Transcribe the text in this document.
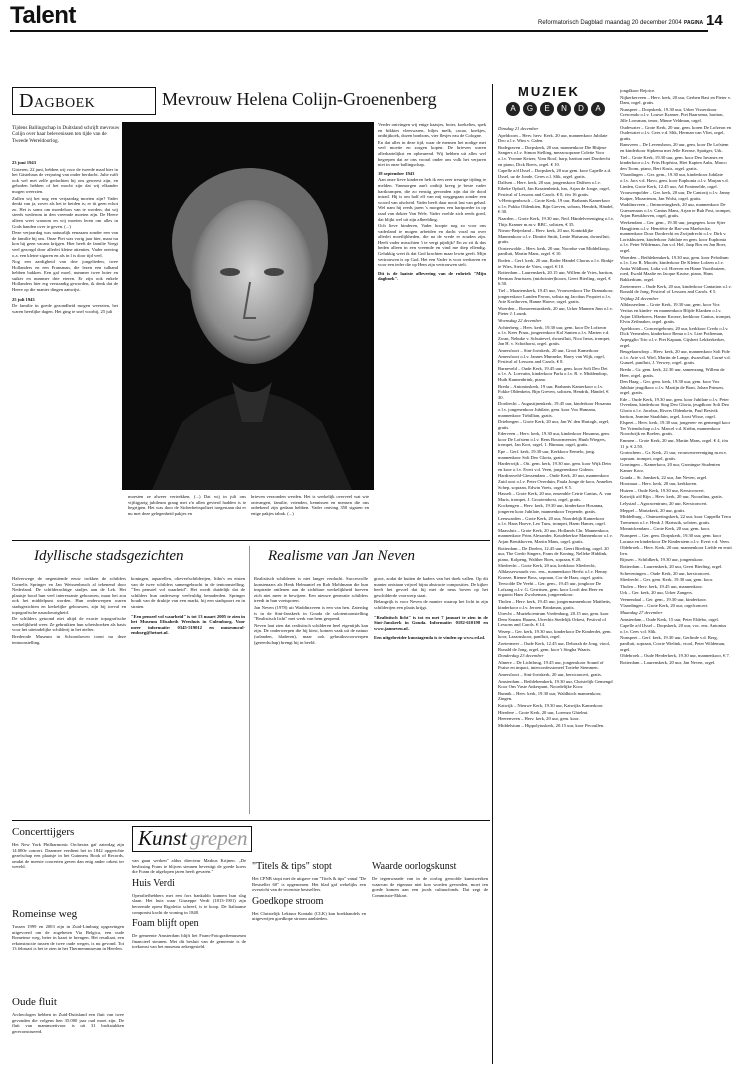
Talent	Reformatorisch Dagblad maandag 20 december 2004 PAGINA 14
Dagboek	Mevrouw Helena Colijn-Groenenberg

Tijdens Ballingschap in Duitsland schrijft mevrouw Colijn over haar belevenissen ten tijde van de Tweede Wereldoorlog.

23 juni 1943

Gisteren, 22 juni, hebben wij voor de tweede maal hier in het Gästehaus de verjaring van onder herdacht. Julie rufft ook wel met zelfe gedachten bij ons geweest zijn, en geboden hebben of het mocht zijn dat wij elkander mogen weerzien.

Zullen wij het nog een verjaardag moeten zijn? Vader denkt van ja, zover als het te beiden is; er tit geen echot zo. Het is soms om moedeloos van te worden, dat wij steeds wederom in den vreemde moeten zijn. De Heere alleen weet waarom en wij moeten leren om alles in Gods handen over te geven. (...)

Deze verjaardag was natuurlijk eenzaam zonder een van de familie bij ons. Onze Piet was vorig jaar hier, maar nu kon hij geen vacans krijgen. Hier heeft de familie Voegt veel gezorgd door allerlei kleine attenties. Vader ontving o.a. een kleine sigaren en als in l is door tijd veel.

Nog een aardigheid van drie jongelieden, twee Hollanders en een Fransman, die lezen een tulband hebben bakken. Een gaf moel, nummer twee boter en suiker en nummer drie eieren. Er zijn ook enkele Hollanders hier erg verstandig geworden, ik denk dat de Heere op die manier dingen aanwijst.

25 juli 1943

De familie in goede gezondheid mogen weerzien, het waren heerlijke dagen. Het ging te snel voorbij, 25 juli

moesten ze alweer vertrekken. (...) Dat wij in juli ons vijftigjarig jubileum graag met z'n allen gevierd hadden is te begrijpen. Het was door de Sicherheitspolizei toegestaan dat er nu met deze gelegenheid pakjes en

brieven verzonden werden. Het is werkelijk overveel wat wie ontvangen, familie, vrienden, kennissen en mensen die ons onbekend zijn gedaan hebben. Vader ontving 350 sigaren en enige pakjes tabak. (...)

Verder ontvingen wij enige kaasjes, boter, koekeltes, spek en bikkies vleeswaren, biljes melk, cacao, koekjes, ontbijtkoek, dozen bonbons, vier flesjes eau de Cologne.

En dat alles in deze tijd, waar de mensen het nodige met veel moeite en zorgen kopen. De brieven waren allerhartelijkst en opbeurend. Wij hebben uit alles wel begrepen dat ze ons vooral onder ons volk het verjaren niet in onze ballingschap.

18 september 1943

Aan onze lieve kinderen heb ik een zeer treurige tijding te melden. Vanmorgen aan't ontbijt kreeg je beste vader hartkrampen, die zo ernstig gevonden zijn dat de dood intrad. Hij is om half elf van mij weggegaan zonder een woord van afscheid. Vader heeft daar nooit last van gehad. Wel nam hij reeds jaren 's morgens een hartpoeder in op raad van dokter Van Welv. Vader voelde zich reeds goed, dat blijkt wel uit zijn afbeelding.

Och lieve kinderen, Vader hoopte nog zo voor ons vaderland te mogen arbeiden en dacht voral nu over allerlei moeilijkheden, die na de vrede er zouden zijn. Heelt vader misschien 't te vergt pijnlijk? En zo zit ik dus beden alleen in een vreemde en vind me diep ellendig. Gelukkig weet ik dat God krachten maar lewin geeft. Mijn vertrouwen is op God. Het een Vader is voor weduwen en voor een ieder die op Hem zijn vertrouwen stelt.

Dit is de laatste aflevering van de rubriek "Mijn dagboek".

Idyllische stadsgezichten

Halverwege de negentiende eeuw trokken de schilders Cornelis Springer en Jan Weissenbruch al tekenend door Nederland. De schilderachtige stadjes aan de Lek. Het plaatsje bood hun veel interessante gebouwen, maar het zou ook het middelpunt worden. Hun onderwerpen waren stadsgezichten en kerkelijke gebouwen, zijn bij toeval en topografische nauwkeurigheid.

De schilders getoond niet altijd de exacte topografische werkelijkheid weer. Ze gebruikten hun schetsboeken als basis voor het uiteindelijke schilderij in het atelier.

Brederode Museum in Schoonhoven toont nu deze tentoonstelling.

koningen, aquarellen, olieverfschilderijen, litho's en etsten van de twee schilders samengebracht in de tentoonstelling. "Ten pensoel vol waarheid". Het wordt duidelijk dat de schilders hun onderwerp veelvuldig benaderden. Springer houdt van de druktje van een markt, hij een stadspoort en in straten.

"Een penseel vol waarheid" is tot 13 maart 2005 te zien in het Museum Elisabeth Weeshuis in Culemborg. Voor meer informatie: 0345-519012 en museumcul-emborg@hetnet.nl.

Realisme van Jan Neven

Realistisch schilderen is niet langer verdacht. Succesvolle kunstenaars als Henk Helmantel en Rob Mohlmann die hun inspiratie ontlenen aan de zichtbare werkelijkheid hoeven zich niet meer te bewijzen. Een nieuwe generatie schilders treedt in hun voetsporen.

Jan Neven (1978) uit Waddinxveen is een van hen. Zaterdag is in de Sint-Janskerk in Gouda de solotentoonstelling "Realistisch licht" met werk van hem geopend.

Neven laat zien dat realistisch schilderen heel eigentijds kan zijn. De onderwerpen die hij kiest, komen vaak uit de natuur (urlanden, bladeren), maar ook gebruiksvoorwerpen (gereedschap) brengt hij in beeld.

groot, zodat de buiten de kaders van het doek vallen. Op dit manier ontstaan vrijwel bijna abstracte composities. De kijker heeft het gevoel dat hij met de neus boven op het geschilderde voorwerp staat.

Belangrijk is voor Neven de manier waarop het licht in zijn schilderijen een plaats krijgt.

"Realistisch licht" is tot en met 7 januari te zien in de Sint-Janskerk in Gouda. Informatie: 0182-610198 en www.janneven.nl.

Een uitgebreider kunstagenda is te vinden op www.rd.nl.

Concerttijgers

Het New York Philharmonic Orchestra gaf zaterdag zijn 14.000e concert. Daarmee verdient het in 1842 opgerichte gezelschap een plaatsje in het Guinness Book of Records, omdat de meeste concerten geven dan enig ander orkest ter wereld.

Romeinse weg

Tussen 1999 en 2003 zijn in Zuid-Limburg opgravingen uitgevoerd om de zogeheten Via Belgica, een oude Romeinse weg, beter in kaart te brengen. Het resultaat, een rekonstructie tussen de twee oude wegen, is nu gevond. Tot 13 februari is het te zien in het Thermenmuseum in Heerlen.

Oude fluit

Archeologen hebben in Zuid-Duitsland een fluit van twee gevonden die volgens hen 35.000 jaar oud moet zijn. De fluit van mammoetivoor is uit 31 brokstukken gereconstrueerd.

Kunst grepen

van gaan werken" aldus directeur Markus Krijnen. „De beslissing Frans te blijven steunen bevestigt de goede koers die Foam de afgelopen jaren heeft gevaren."

Huis Verdi

Operaliefhebbers met een fors bankaldo kunnen hun slag slaan. Het huis waar Giuseppe Verdi (1813-1901) zijn beroemde opera Rigoletto schreef, is te koop. De Italiaanse componist kocht de woning in 1848.

Foam blijft open

De gemeente Amsterdam blijft het Foam-Fotografiemuseum financieel steunen. Met dit besluit van de gemeente is de toekomst van het museum zekergesteld.

"Titels & tips" stopt

Het CPNB stopt met de uitgave van "Titels & tips" vanaf "De Bestseller 60" is opgenomen. Het blad gaf wekelijks een overzicht van de recentste bestsellers.

Goedkope stroom

Het Christelijk Lektuur Kontakt (CLK) kan boekhandels en uitgeverijen goedkope stroom aanbieden.

Waarde oorlogskunst

De tegenwaarde van in de oorlog geroofde kunstwerken waarvan de eigenaar niet kon worden gevonden, moet ten goede komen aan een joods cultuurfonds. Dat zegt de Commissie-Ekkart.

MUZIEK
A	G	E	N	D	A

Dinsdag 21 december

Apeldoorn – Herv. herv. Kerk. 20 uur, mannenkoor Jubilate Deo o.l.v. Wim v. Galen.

Bodegraven – Dorpskerk, 20 uur, mannenkoor Die Rhijnse Sangers o.l.v. Simon Stelling, mezzosoprane Colette Voor o.l.v. Yvonne Keizer, Vom Roof, harp, bariton met Dordrecht en piano, Dick Boers, orgel. € 10.

Capelle a/d IJssel – Dorpskerk, 20 uur gem. koor Capelle a.d. IJssel, uz de Jonde, Ceres o.l. Slik, orgel. gratis.

Dalfsen – Herv. kerk, 20 uur, jongenskoor Dalfsen o.l.v. Eibeke Ophoff, Jan Kraaienbrink, bas, Arjan de Jonge, orgel, Festival of Lessons and Carols. € 8, t/m 16 gratis.

's-Hertogenbosch – Grote Kerk, 19 uur, Brabants Kamerkoor o.l.v. Pokko Oldenkien, Bijn Greven, sobran, Hendrik, Händel, € 30.

Naarden – Grote Kerk, 19.30 uur, Ned. Händelvereniging o.l.v. Thijs Kramer m.m.v. BBC, solisten, € 35.

Nieuw-Beijerland – Herv. kerk, 20 uur, Koninklijke Mannenkoor o.l.v. Dimitri Smitt, Lenie Huisman, dwarsfluit, gratis.

Oosterwolde – Herv. kerk, 20 uur, Noordse van Middelkoop, panfluit, Martin Mans, orgel. € 10.

Roden – Gerf. kerk, 20 uur, Roder Händel Chorus o.l.v. Rinkje te Wies, Sietse de Vries, orgel. € 10.

Rotterdam – Laurenskerk, 20.15 uur, Willem de Vries, bariton, Herman Jeurissen, (midwinter)hoorn, Geert Bierling, orgel, € 6.50.

Tiel – Maartenskerk, 19.45 uur, Vrouwenkoor The Dramakoor, jongereskoor Landen Pavon, solista ng Jacobus Propriet o.l.v. Arie Korthoven, Hanne Haove, orgel. gratis.

Woerden – Bonaventurakerk, 20 uur, Urker Mannen Jinn o.l.v. Pieter J. Lounk.

Woensdag 22 december

Achterberg – Herv. kerk, 19.30 uur, gem. koor De Lofzeon o.l.v. Kees Praas, jongerenkoor Kol Santen o.l.v. Marten v.d. Zwan, Nebuke v. Schuttevel, dwarsfluit, Nico Irnus, trompet, Jan H. v. Schothorst, orgel. gratis.

Amersfoort – Sint-Joriskerk, 20 uur, Groot Kamerkoor Amersfoort o.l.v. Jannes Munneke, Harry van Wijk, orgel, Festival of Lessons and Carols. € 8.

Barneveld – Oude Kerk, 19.45 uur, gem. koor Soli Deo Dei o.l.v. A. Loevatin, kinderkoor Parla o.l.v. R. v. Middendorp, Huib Kunnenbrink, piano.

Breda – Antoniuskerk, 19 uur, Brabants Kamerkoor o.l.v. Fokke Oldenkein, Bijn Greven, solisten, Hendrik, Händel, € 30.

Dordrecht – Augustijnenkerk, 19.45 uur, kinderkoor Hosanna o.l.v. jongenenkoor Jubilate, gem. koor Vox Humana, mannenkoor Tirbillian, gratis.

Driebergen – Grote Kerk, 20 uur, Jan W. den Hartogh, orgel, gratis.

Ederveen – Herv. kerk, 19.30 uur, kinderkoor Hosanna, gem. koor De Lofstem o.l.v. Rens Bouwmeester, Huub Wiegers, trompet, Jan Kort, orgel, 1. Binnaar, orgel, gratis.

Epe – Gerf. kerk, 19.30 uur, Kerkkoor Eemelo, jong. mannenkoor Soli Deo Gloria, gratis.

Harderwijk – Ott. gem. kerk, 19.30 uur, gem. koor Wijk Dein en koor o.l.v. Evert v.d. Veen, jongerenkoor Gideon.

Hardinxveld-Giessendam – Oude Kerk, 20 uur, mannenkoor Zuid oost o.l.v. Peter Overduin, Paula Jonge de koor, Annelies Schep, sopraan, Edwin Voets, orgel. € 5.

Hasselt – Grote Kerk, 20 uur, ensemble Cetrie Cantus, A. van Maris, trompet, J. Grootendorst, orgel, gratis.

Kockengen – Herv. kerk, 19.30 uur, kinderkoor Hosanna, jongeren koor Jubilate, mannenkoor Terpende, gratis.

Leeuwarden – Grote Kerk, 20 uur, Noordelijk Kamerkoor o.l.v. Hans Hoeve, Leo Tuns, trompet, Harm Hamer, orgel.

Maassluis – Grote Kerk, 20 uur, Hollands Chr. Mannenkoor, mannenkoor Prins Alexander, Koudekerkse Mannenkoor o.l.v. Arjan Breukhoven, Martin Mans, orgel. gratis.

Rotterdam – De Doelen, 12.45 uur, Geert Bierling, orgel. 20 uur, The Credo Singers, Frans de Koning, Nelleke Hiddink, piano, Kolpeng, Walther Boes, sopraan, € 20.

Sliedrecht – Grote Kerk, 20 uur, kerkkoor Sliedrecht, Alblasserwaards voc. ens., mannenkoor Herfst o.l.v. Henny Kroeze, Rienne Boss, sopraan, Cor de Haas, orgel. gratis.

Terwolde De Veeht – Ger. gem., 19.45 uur, jongkoor De Lofzang o.l.v. G. Gerritsen, gem. koor Looft den Heer en organist Hans Zwolseman, jongerenkoor.

Tholen – Herv. kerk, 19.45 uur, jongermannenkoor Mattheüs, kinderkoor o.l.v. Jeroen Brinkman, gratis.

Utrecht – Muziekcentrum Vredenburg, 20.15 uur, gem. koor Dem Sonans Haarns, Utrechts Stedelijk Orkest, Festival of Lessons and Carols. € 14.

Wezep – Ger. kerk, 19.30 uur, kinderkoor De Kinderdet, gem. koor, Lazaruskoor, panfluit, orgel.

Zoetermeer – Oude Kerk, 12.45 uur, Deborah de Jong, viool, Ronald de Jong, orgel, gem. koor 't Singha Waarts.

Donderdag 23 december

Almere – De Lichtbrug, 19.45 uur, jongenskoor Sound of Praise en impact, interconfessioneel Tortehe Stemmen.

Amersfoort – Sint-Joriskerk, 20 uur, kerstconcert, gratis.

Amsterdam – Bethlehemkerk, 19.30 uur, Christelijk Gemengd Koor Ons Vaste Ankerpunt, Noordelijke Koor.

Bunnik – Herv. kerk, 19.30 uur, Waldkirch mannenkoor, Zingen.

Katwijk – Nieuwe Kerk, 19.30 uur, Katwijks Kamerkoor.

Hierdere – Grote Kerk, 20 uur, Lorenzo Ghielmi.

Heerenveen – Herv. kerk, 20 uur, gem. koor.

Middelstum – Hippolytuskerk, 20.15 uur, koor Pecoullen.

jongdkoor Rejoice.

Nijkerkerveen – Herv. kerk, 20 uur, Gerben Bast en Pieter v. Dam, orgel. gratis.

Nunspeet – Dorpskerk, 19.30 uur, Urker Visserskoor Crescendo o.l.v. Louwe Kramer, Piet Baarsema, bariton, Jille Loosman, tenor, Minne Veldman, orgel.

Oudewater – Grote Kerk, 20 uur, gem. koren De Lofzeon en Oudewater o.l.v. Cees v.d. Slik, Herman van Vliet, orgel, gratis.

Ransveen – De Levensbron, 20 uur, gem. koor De Lofstem en kinderkoor Sipkema met Jelle Kernse, Spatiger, Urk.

Tiel – Grote Kerk, 19.30 uur, gem. koor Deo Iuvanes en kinderkoor o.l.v. Frits Hopfstra, Hiet Kapten Aubs, Marco den Toom, piano, Bert Kruis, orgel. gratis.

Vlaardingen – Ger. gem., 19.30 uur, kinderkoor Jubilate o.l.v. Jacs v.d. Havo, gem. koor Euphonia o.l.v. Marjan v.d. Linden, Grote Kerk, 12.45 uur, Ad Fontenelde, orgel.

Vrouwenpolder – Ger. kerk, 20 uur, De Cantorij o.l.v. Janny Kuiper, Mozarteum, Jan Wolst, orgel. gratis.

Waddinxveen – Ontmoetingkerk, 20 uur, mannenkoor De Guessenaars o.l.v. Cantus Mans, Arjan te Buh Post, trompet, Arjan Breukhoven, orgel, gratis.

Werkendam – Ger. gem., 19.30 uur, jongegem. koor Sjier Hangjiiem o.l.v. Henriëtte de Bat-van Maelsecke, mannenkoor Door Dordrecht en Zwijndrecht o.l.v. Dirk v. Loriskhuizen, kinderkoor Jubilate en gem. koor Euphonia o.l.v. Peter Wildeman, Jan v.d. Hel, Jaap Bos en Jan Boer, orgel.

Woerden – Bethlehemkerk, 19.30 uur, gem. koor Pelodium o.l.v. Leo R. Mooiër, kinderkoor De Kleine Lofzen o.l.v. Anita Wildboer, Lidia v.d. Hoeven en Hiane Voorthuizen, roed, Ewald Maalie en Jacque Kruise, piano, Hans Bakkerkum, orgel.

Zoetermeer – Oude Kerk, 20 uur, kinderkoor Cantation o.l.v. Ronald de Jong, Festival of Lessons and Carols. € 5.

Vrijdag 24 december

Alblasserdam – Grote Kerk, 19.30 uur, gem. koor Vox Veritas en kinder- en mannenkoor Blijde Klanken o.l.v. Arjan Uilkeboers, Hanno Kroeze, kerkkoor Cantus, trompet, Elvin Zeilmaker, orgel. gratis.

Apeldoorn – Concertgebouw, 20 uur, kerkkoor Credo o.l.v. Dick Verneulen, kinderkoor Rema o.l.v. Lize Potlieman, Arpegglio Trio o.l.v. Piet Kapaan, Gijsbert Lekkerkerker, orgel.

Beugelaarsdorp – Herv. kerk, 20 uur, mannenkoor Soli Fide o.l.v. Arie v.d. Wiel, Martin de Lange, dwarsfluit, Corné v.d. Gunzel, panfluit, J. Verwey, orgel. gratis.

Breda – Gr. gem. kerk, 22.30 uur, samenzang, Willem de Heer, orgel. gratis.

Den Haag – Ger. gem. kerk, 19.30 uur, gem. koor Vox Jubilate jeugdkoor o.l.v. Martijn de Bont, Johan Prinsen, orgel. gratis.

Ede – Oude Kerk, 19.30 uur, gem. koor Jubilate o.l.v. Peter Overdam, kinderkoor Sing Deo Gloria, jeugdkoor Solt Deo Gloria o.l.v. Jacobus, Rivers Oldenkein, Paul Bestvik bariton, Jeanine Staalduin, orgel, Joost Wisse, orgel.

Elspeet – Herv. kerk, 19.30 uur, jongeren- en gemengd koor Ter Vriendschap o.l.v. Marcel v.d. Kröhn, mannenkoor Noordwijk en Boelen, gratis.

Emmen – Grote Kerk, 20 uur, Martin Mans, orgel. € 4, t/m 11 jr. € 2.50.

Gorinchem – Gr. Kerk, 21 uur, vrouwenvereniging m.m.v. sopraan, trompet, orgel, gratis.

Groningen – Kamerkoor, 20 uur, Groningse Studenten Kamer Koor.

Gouda – St. Janskerk, 22 uur, Jan Neven, orgel.

Hoornaar – Herv. kerk, 20 uur, kerkkoren.

Huizen – Oude Kerk, 19.30 uur, Kerstconcert.

Katwijk a/d Rijn – Herv. kerk, 20 uur, Nooralina, gratis.

Lelystad – Agoracentrum, 20 uur, Kerstconcert.

Meppel – Mariakerk, 20 uur, gratis.

Middelburg – Ontmoetingskerk, 22 uur, koor Cappella Terra Tremenon o.l.v. Henk J. Hartsuik, soloten, gratis.

Monnickendam – Grote Kerk, 20 uur, gem. koor.

Nunspeet – Ger. gem. Dorpskerk, 19.30 uur, gem. koor Lacuna en kinderkoor De Kinderstem o.l.v. Evert v.d. Veen.

Oldebroek – Herv. Kerk, 20 uur, mannenkoor Liefde en eruit Irrn.

Rijssen – Schildkerk, 19.30 uur, jongenskoor.

Rotterdam – Laurenskerk, 20 uur, Geert Bierling, orgel.

Scheveningen – Oude Kerk, 20 uur, kerstconcert.

Sliedrecht – Ger. gem. Kerk, 19.30 uur, gem. koor.

Tholen – Herv. kerk, 19.45 uur, mannenkoor.

Urk – Ger. kerk, 20 uur, Urker Zangers.

Veenendaal – Ger. gem., 19.30 uur, kinderkoor.

Vlaardingen – Grote Kerk, 20 uur, orgelconcert.

Maandag 27 december

Amsterdam – Oude Kerk, 15 uur, Peter Eldebo, orgel.

Capelle a/d IJssel – Dorpskerk, 20 uur, voc. ens. Antonius o.l.v. Cees v.d. Slik.

Nunspeet – Gerf. kerk, 19.30 uur, Gerlinde v.d. Berg, panfluit, sopraan, Corrie Wielink, viool, Peter Wildeman, orgel.

Oldebroek – Oude Herderkerk, 19.30 uur, mannenkoor, € 7.

Rotterdam – Laurenskerk, 20 uur, Jan Neven, orgel.
